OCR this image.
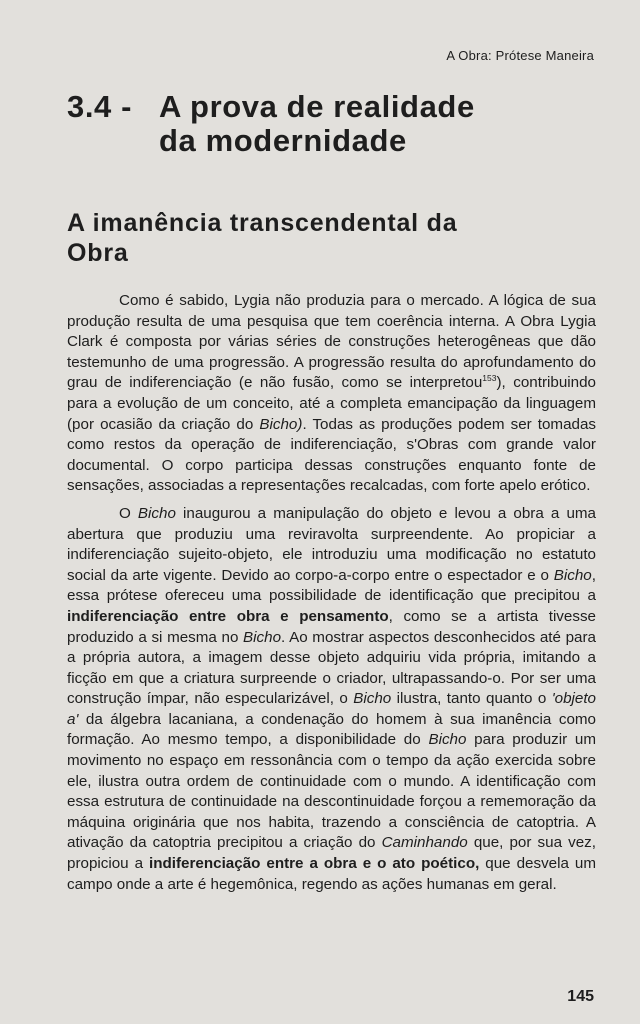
A Obra: Prótese Maneira
3.4 - A prova de realidade
da modernidade
A imanência transcendental da
Obra

Como é sabido, Lygia não produzia para o mercado. A lógica de sua produção resulta de uma pesquisa que tem coerência interna. A Obra Lygia Clark é composta por várias séries de construções heterogêneas que dão testemunho de uma progressão. A progressão resulta do aprofundamento do grau de indiferenciação (e não fusão, como se interpretou$^{153}$), contribuindo para a evolução de um conceito, até a completa emancipação da linguagem (por ocasião da criação do Bicho). Todas as produções podem ser tomadas como restos da operação de indiferenciação, s'Obras com grande valor documental. O corpo participa dessas construções enquanto fonte de sensações, associadas a representações recalcadas, com forte apelo erótico.

O Bicho inaugurou a manipulação do objeto e levou a obra a uma abertura que produziu uma reviravolta surpreendente. Ao propiciar a indiferenciação sujeito-objeto, ele introduziu uma modificação no estatuto social da arte vigente. Devido ao corpo-a-corpo entre o espectador e o Bicho, essa prótese ofereceu uma possibilidade de identificação que precipitou a indiferenciação entre obra e pensamento, como se a artista tivesse produzido a si mesma no Bicho. Ao mostrar aspectos desconhecidos até para a própria autora, a imagem desse objeto adquiriu vida própria, imitando a ficção em que a criatura surpreende o criador, ultrapassando-o. Por ser uma construção ímpar, não especularizável, o Bicho ilustra, tanto quanto o 'objeto a' da álgebra lacaniana, a condenação do homem à sua imanência como formação. Ao mesmo tempo, a disponibilidade do Bicho para produzir um movimento no espaço em ressonância com o tempo da ação exercida sobre ele, ilustra outra ordem de continuidade com o mundo. A identificação com essa estrutura de continuidade na descontinuidade forçou a rememoração da máquina originária que nos habita, trazendo a consciência de catoptria. A ativação da catoptria precipitou a criação do Caminhando que, por sua vez, propiciou a indiferenciação entre a obra e o ato poético, que desvela um campo onde a arte é hegemônica, regendo as ações humanas em geral.

145
